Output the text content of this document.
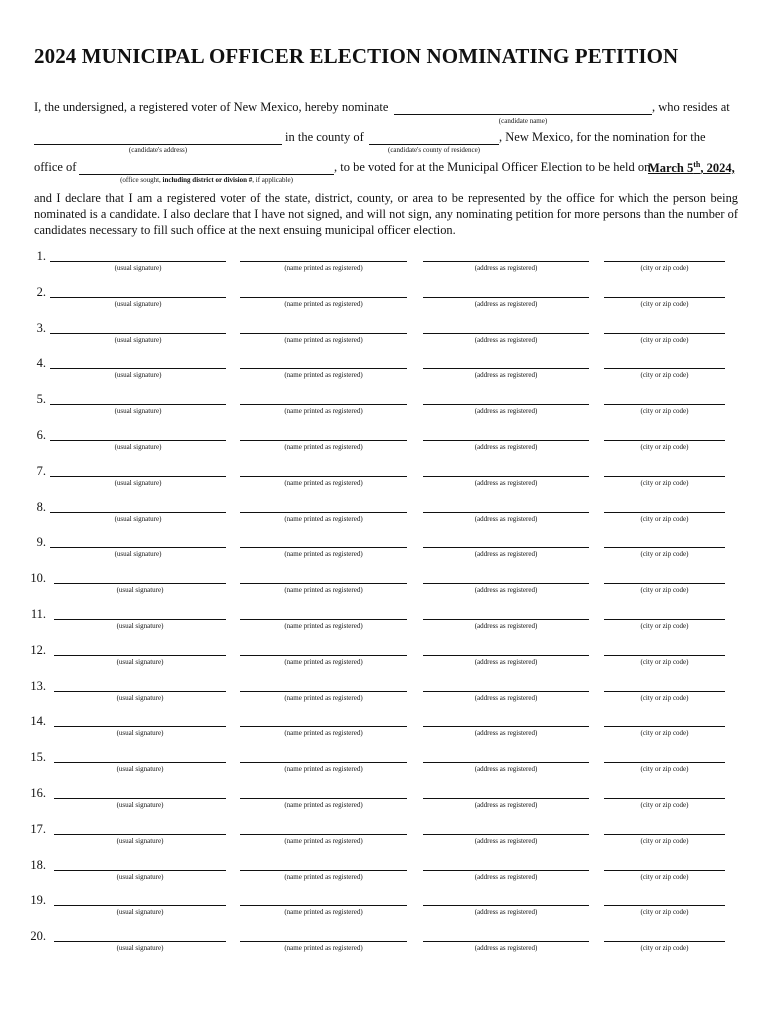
2024 MUNICIPAL OFFICER ELECTION NOMINATING PETITION
I, the undersigned, a registered voter of New Mexico, hereby nominate	, who resides at
(candidate name)
in the county of	, New Mexico, for the nomination for the
(candidate's address)	(candidate's county of residence)
office of	, to be voted for at the Municipal Officer Election to be held on
March 5th, 2024,
(office sought, including district or division #, if applicable)
and I declare that I am a registered voter of the state, district, county, or area to be represented by the office for which the person being nominated is a candidate. I also declare that I have not signed, and will not sign, any nominating petition for more persons than the number of candidates necessary to fill such office at the next ensuing municipal officer election.
1.
(usual signature)	(name printed as registered)	(address as registered)	(city or zip code)
2.
(usual signature)	(name printed as registered)	(address as registered)	(city or zip code)
3.
(usual signature)	(name printed as registered)	(address as registered)	(city or zip code)
4.
(usual signature)	(name printed as registered)	(address as registered)	(city or zip code)
5.
(usual signature)	(name printed as registered)	(address as registered)	(city or zip code)
6.
(usual signature)	(name printed as registered)	(address as registered)	(city or zip code)
7.
(usual signature)	(name printed as registered)	(address as registered)	(city or zip code)
8.
(usual signature)	(name printed as registered)	(address as registered)	(city or zip code)
9.
(usual signature)	(name printed as registered)	(address as registered)	(city or zip code)
10.
(usual signature)	(name printed as registered)	(address as registered)	(city or zip code)
11.
(usual signature)	(name printed as registered)	(address as registered)	(city or zip code)
12.
(usual signature)	(name printed as registered)	(address as registered)	(city or zip code)
13.
(usual signature)	(name printed as registered)	(address as registered)	(city or zip code)
14.
(usual signature)	(name printed as registered)	(address as registered)	(city or zip code)
15.
(usual signature)	(name printed as registered)	(address as registered)	(city or zip code)
16.
(usual signature)	(name printed as registered)	(address as registered)	(city or zip code)
17.
(usual signature)	(name printed as registered)	(address as registered)	(city or zip code)
18.
(usual signature)	(name printed as registered)	(address as registered)	(city or zip code)
19.
(usual signature)	(name printed as registered)	(address as registered)	(city or zip code)
20.
(usual signature)	(name printed as registered)	(address as registered)	(city or zip code)
